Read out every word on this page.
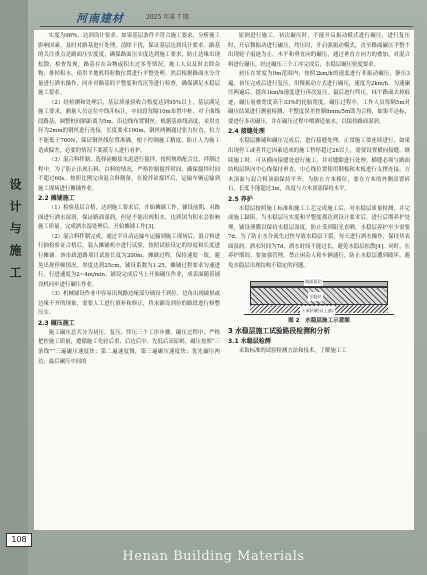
河南建材	2025 年第 7 期
设计与施工

实度为96%，达到设计要求。如果基层条件不符合施工要求，分析施工影响因素，及时对路基进行处理，清除干扰，保证基层达到设计要求。路基的关注重点是路面压实度度，确保路面压实度达到施工要求，防止边缘出现松散、检查发现，路基存在杂物或积水过多等情况，施工人员及时去除杂物、排掉积水，使用平地机将粒数位置进行平整处理。然后根据路面水分含量进行洒水操作，同步对路基的平整度和弯沉等进行检查，确保满足水稳层施工要求。

（2）经检测和处理后，基层质量验收合格度达到95%以上，基层满足施工要求，测量人员定位中线并标注，中间段每隔10m布置中桩，对于曲线段路基，调整桩间隔距离为5m。沿边线布置钢丝，根据基准线高度，采用直径为2mm的钢丝进行连接，长度要求100m，钢丝两侧通过张力拉直，拉力不能低于700N，保证钢丝线位置准确，便于控制施工精度，防止人为施工造成偏差，必要的情况下要派专人进行看护。

（3）混合料拌制，选择硅酸盐水泥进行搅拌，按照规格配合比，拌制过程中，为了防止出现石料、白料的情况，严格控制搅拌时间，确保搅拌时间不超过60s。按照比例完成混合料制备，在搅拌站搅拌后，运输车辆运输到施工现场进行摊铺作业。

2.2 摊铺施工

（1）检验基层合格，达到施工要求后，开始摊铺工作。铺设前期，对路面进行洒水湿润，保证路面湿润，但是不能出现积水，达到国为积水会影响施工质量。完成洒水湿处理后，开始摊铺工作[3]。

（2）混合料拌制完成，通过半自动运输车运输到施工现场后。混合料进行抽检验证合格后，装入摊铺机中进行试验，按照试验设定的厚度和长度进行摊铺。该市政道路项目试验长度为200m，摊铺过程，保持速度一致，避免出现停顿情况。厚度达到25cm，铺设系数为1.25，摊铺过程要求匀速进行，行进速度为2~4m/min。铺设完成后马上开始碾压作业，成表面随着铺设机同步进行碾压作业。

（3）机械铺设作业中容易出现路边缘部分铺设不到位、边角出现破损或边缘不齐的现象，需要人工进行填补和修正，将未铺设到位的路段进行修整压实。

2.3 碾压施工

施工碾压总共分为初压、复压、终压三个工序步骤。碾压过程中，严格把控施工质量，遵循施工先轻后重、后边后中、先低后高原则，碾压按照“三条线”“三遍碾压速度快；第二遍速度慢，第三遍碾压速度快；优先碾压两边，最后碾压中间的

原则进行施工。初次碾压时，不能开启振动模式进行碾压，进行复压时，开启微振动进行碾压，终压时，开启强振动模式。直至路面碾压平整不出现轮子痕迹为止。水平和垂直向的碾压，通过垂直方向力的叠加，对混合料进行碾压，经过碾压三个工序完成后，水稳层碾压密度要求。

初压在宽度为9m范围内，按照2km/h的速度进行非振动碾压，静压3遍。初压完成后进行复压，用慢振动方式进行碾压，速度为2km/h，匀速碾压两遍后，提高1km/h速度进行再次复压。最后进行终压，抹平路面去掉痕迹，碾压量叠宽度高于33%的轮胎宽度，碾压过程中，工作人员每隔5m对碾压结果进行测量检测，平整度误差控制8mm/5m即为合格，如果不达标，要进行多次碾压，并在碾压过程中喷洒适量水，以保持路面湿润。

2.4 接缝处理

水稳层摊铺和碾压完成后，进行接缝处理。正常施工要连续进行，如果出现停工或者其它因素造成的施工暂停超过2h以上，需要设置横向接缝，继续施工时，可从横向接缝处进行施工，并对缝隙进行处理。横缝必须与路面结构层纵向中心线保持垂直，中心线位置使用钢板和木板进行支撑连接，方木顶面与混合料顶面保持平齐。为防止方木移位，要在方木的外侧添置碎石，长度不能超过3m，高度与方木顶部保持水平。

2.5 养护

水稳层按照施工标准和施工工艺完成施工后，对水稳层质量检测，并完成施工缺陷。当水稳层压实度和平整度都达到设计要求后，进行后期养护处理。铺设薄膜以保持水稳层湿度，防止受到阳光直晒。水稳层养护至少需要7d，为了防止水分流失过快导致水稳层干裂，每天进行洒水操作，保持其表面湿润。洒水时间为7d，洒水时间不能过长，避免水稳层松散[4]。同时，在养护期间，要加强管理，禁止闲杂人和车辆通行，防止水稳层遭到破坏，避免水稳层出现结构不稳定的问题。

路面面层
水稳层
下承层碾压(土基)

图 2　水稳层施工示意图

3 水稳层施工试验路段检测和分析
3.1 水稳层检测

采取标准的试验检测方法和技术，了解施工工

108
Henan Building Materials
